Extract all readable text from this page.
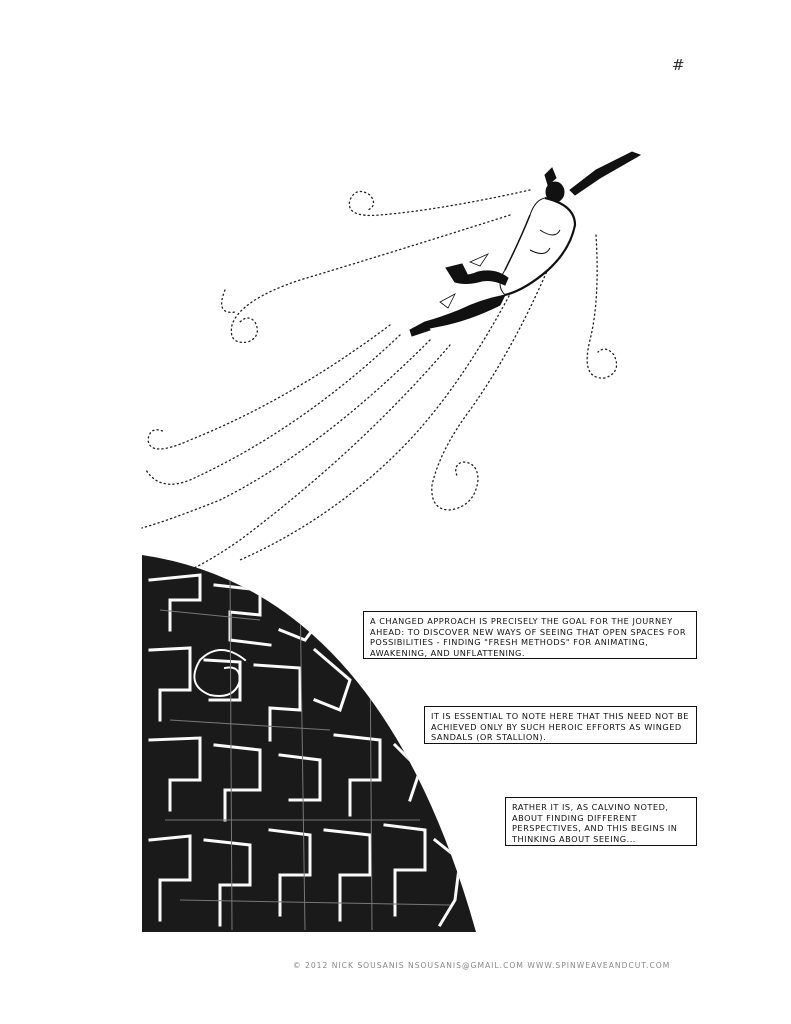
#
A CHANGED APPROACH IS PRECISELY THE GOAL FOR THE JOURNEY AHEAD: TO DISCOVER NEW WAYS OF SEEING THAT OPEN SPACES FOR POSSIBILITIES - FINDING "FRESH METHODS" FOR ANIMATING, AWAKENING, AND UNFLATTENING.
IT IS ESSENTIAL TO NOTE HERE THAT THIS NEED NOT BE ACHIEVED ONLY BY SUCH HEROIC EFFORTS AS WINGED SANDALS (OR STALLION).
RATHER IT IS, AS CALVINO NOTED, ABOUT FINDING DIFFERENT PERSPECTIVES, AND THIS BEGINS IN THINKING ABOUT SEEING...
© 2012 NICK SOUSANIS NSOUSANIS@GMAIL.COM WWW.SPINWEAVEANDCUT.COM
